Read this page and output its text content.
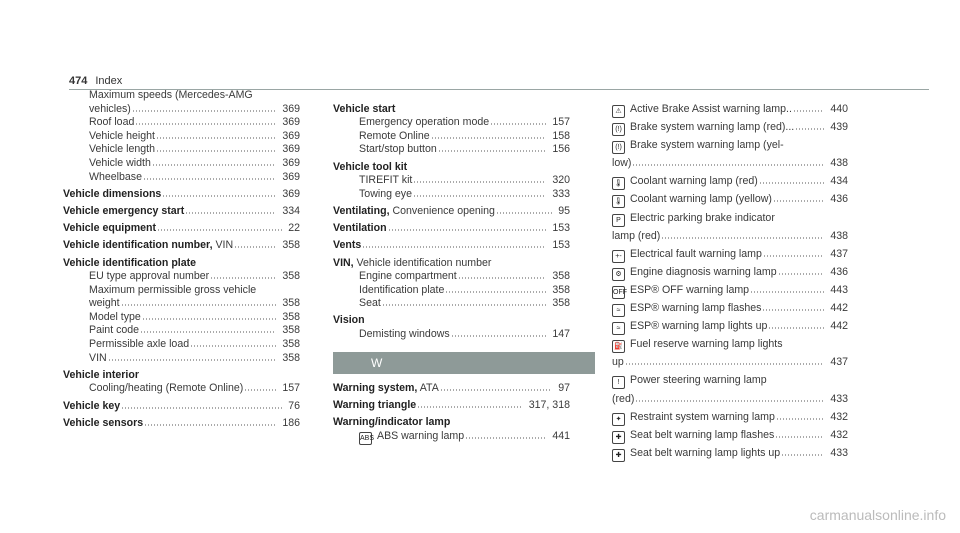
474 Index
Maximum speeds (Mercedes-AMG
vehicles)	369
Roof load	369
Vehicle height	369
Vehicle length	369
Vehicle width	369
Wheelbase	369
Vehicle dimensions	369
Vehicle emergency start	334
Vehicle equipment	22
Vehicle identification number, VIN	358
Vehicle identification plate
EU type approval number	358
Maximum permissible gross vehicle
weight	358
Model type	358
Paint code	358
Permissible axle load	358
VIN	358
Vehicle interior
Cooling/heating (Remote Online)	157
Vehicle key	76
Vehicle sensors	186
Vehicle start
Emergency operation mode	157
Remote Online	158
Start/stop button	156
Vehicle tool kit
TIREFIT kit	320
Towing eye	333
Ventilating, Convenience opening	95
Ventilation	153
Vents	153
VIN, Vehicle identification number
Engine compartment	358
Identification plate	358
Seat	358
Vision
Demisting windows	147
W
Warning system, ATA	97
Warning triangle	317, 318
Warning/indicator lamp
ABS ABS warning lamp	441
⚠ Active Brake Assist warning lamp..	440
(!) Brake system warning lamp (red)...	439
(!) Brake system warning lamp (yel-
low)	438
🌡 Coolant warning lamp (red)	434
🌡 Coolant warning lamp (yellow)	436
P Electric parking brake indicator
lamp (red)	438
+- Electrical fault warning lamp	437
⚙ Engine diagnosis warning lamp	436
OFF ESP® OFF warning lamp	443
≈ ESP® warning lamp flashes	442
≈ ESP® warning lamp lights up	442
⛽ Fuel reserve warning lamp lights
up	437
! Power steering warning lamp
(red)	433
✦ Restraint system warning lamp	432
✚ Seat belt warning lamp flashes	432
✚ Seat belt warning lamp lights up	433
carmanualsonline.info
